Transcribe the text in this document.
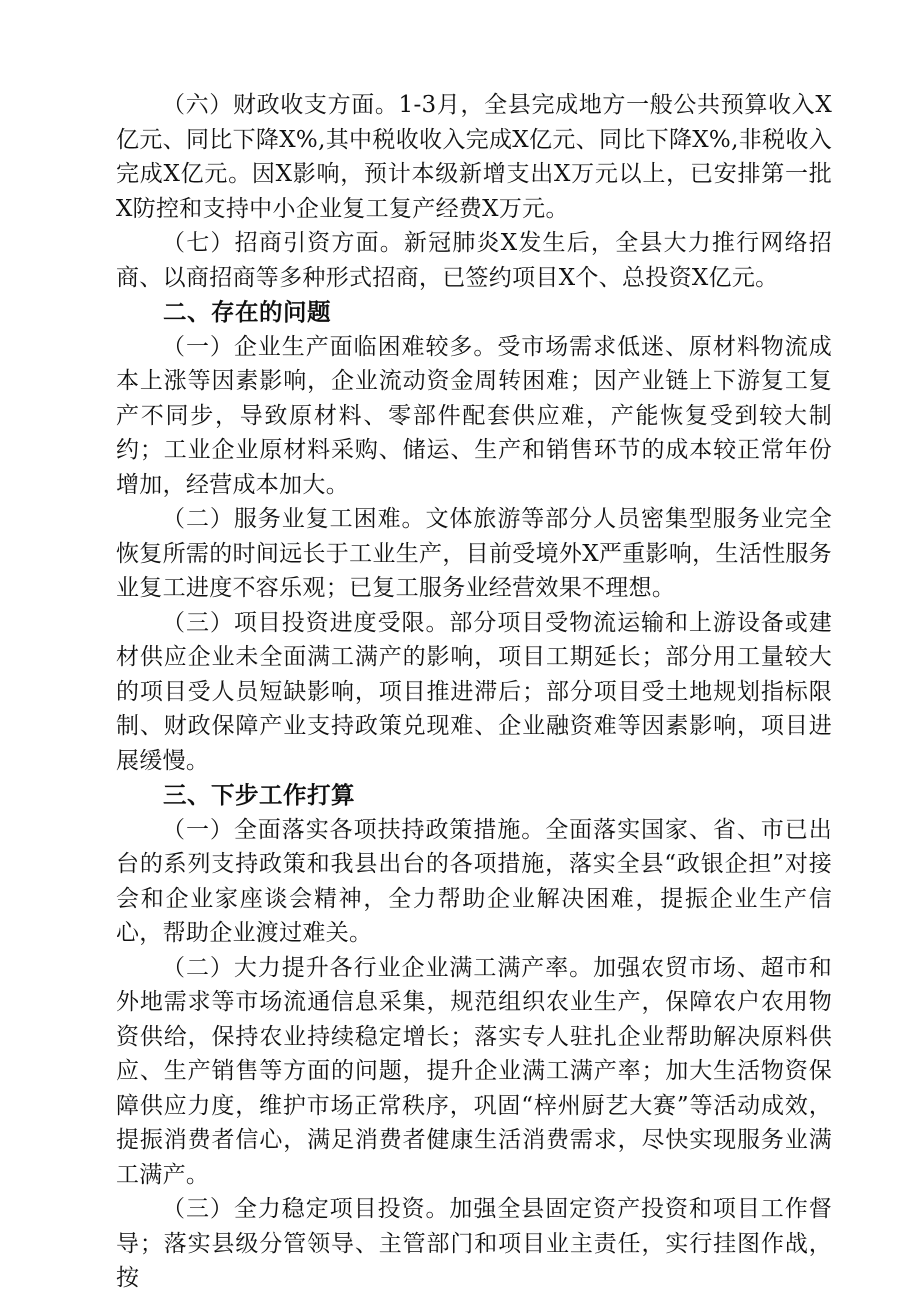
（六）财政收支方面。1-3月，全县完成地方一般公共预算收入X亿元、同比下降X%,其中税收收入完成X亿元、同比下降X%,非税收入完成X亿元。因X影响，预计本级新增支出X万元以上，已安排第一批X防控和支持中小企业复工复产经费X万元。

（七）招商引资方面。新冠肺炎X发生后，全县大力推行网络招商、以商招商等多种形式招商，已签约项目X个、总投资X亿元。

二、存在的问题

（一）企业生产面临困难较多。受市场需求低迷、原材料物流成本上涨等因素影响，企业流动资金周转困难；因产业链上下游复工复产不同步，导致原材料、零部件配套供应难，产能恢复受到较大制约；工业企业原材料采购、储运、生产和销售环节的成本较正常年份增加，经营成本加大。

（二）服务业复工困难。文体旅游等部分人员密集型服务业完全恢复所需的时间远长于工业生产，目前受境外X严重影响，生活性服务业复工进度不容乐观；已复工服务业经营效果不理想。

（三）项目投资进度受限。部分项目受物流运输和上游设备或建材供应企业未全面满工满产的影响，项目工期延长；部分用工量较大的项目受人员短缺影响，项目推进滞后；部分项目受土地规划指标限制、财政保障产业支持政策兑现难、企业融资难等因素影响，项目进展缓慢。

三、下步工作打算

（一）全面落实各项扶持政策措施。全面落实国家、省、市已出台的系列支持政策和我县出台的各项措施，落实全县“政银企担”对接会和企业家座谈会精神，全力帮助企业解决困难，提振企业生产信心，帮助企业渡过难关。

（二）大力提升各行业企业满工满产率。加强农贸市场、超市和外地需求等市场流通信息采集，规范组织农业生产，保障农户农用物资供给，保持农业持续稳定增长；落实专人驻扎企业帮助解决原料供应、生产销售等方面的问题，提升企业满工满产率；加大生活物资保障供应力度，维护市场正常秩序，巩固“梓州厨艺大赛”等活动成效，提振消费者信心，满足消费者健康生活消费需求，尽快实现服务业满工满产。

（三）全力稳定项目投资。加强全县固定资产投资和项目工作督导；落实县级分管领导、主管部门和项目业主责任，实行挂图作战，按
